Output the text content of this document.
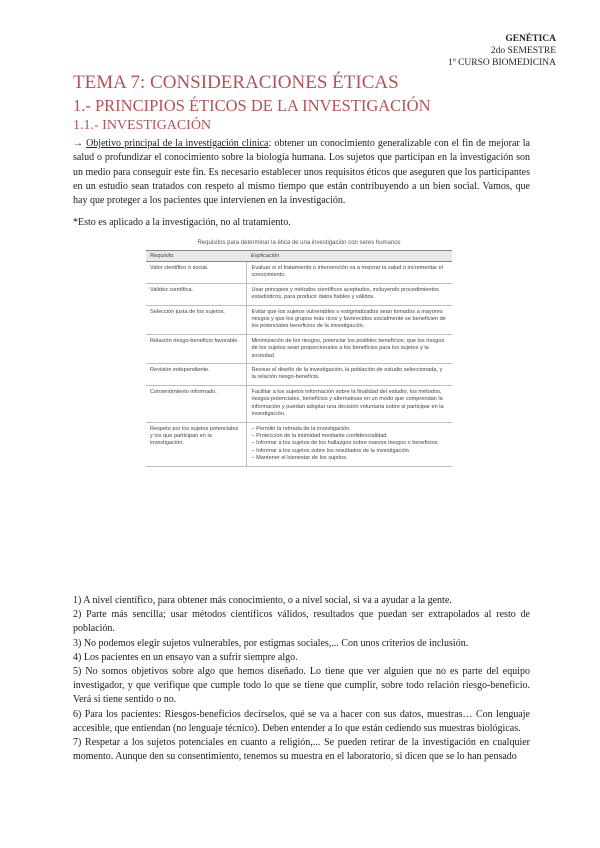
GENÉTICA
2do SEMESTRE
1º CURSO BIOMEDICINA
TEMA 7: CONSIDERACIONES ÉTICAS
1.- PRINCIPIOS ÉTICOS DE LA INVESTIGACIÓN
1.1.- INVESTIGACIÓN
→ Objetivo principal de la investigación clínica: obtener un conocimiento generalizable con el fin de mejorar la salud o profundizar el conocimiento sobre la biología humana. Los sujetos que participan en la investigación son un medio para conseguir este fin. Es necesario establecer unos requisitos éticos que aseguren que los participantes en un estudio sean tratados con respeto al mismo tiempo que están contribuyendo a un bien social. Vamos, que hay que proteger a los pacientes que intervienen en la investigación.
*Esto es aplicado a la investigación, no al tratamiento.
Requisitos para determinar la ética de una investigación con seres humanos
Requisito	Explicación
Valor científico o social.	Evaluar si el tratamiento o intervención va a mejorar la salud o incrementar el conocimiento.
Validez científica.	Usar principios y métodos científicos aceptados, incluyendo procedimientos estadísticos, para producir datos fiables y válidos.
Selección justa de los sujetos.	Evitar que los sujetos vulnerables o estigmatizados sean tomados a mayores riesgos y que los grupos más ricos y favorecidos socialmente se beneficien de los potenciales beneficios de la investigación.
Relación riesgo-beneficio favorable.	Minimización de los riesgos, potenciar los posibles beneficios; que los riesgos de los sujetos sean proporcionales a los beneficios para los sujetos y la sociedad.
Revisión independiente.	Revisar el diseño de la investigación, la población de estudio seleccionada, y la relación riesgo-beneficio.
Consentimiento informado.	Facilitar a los sujetos información sobre la finalidad del estudio, los métodos, riesgos potenciales, beneficios y alternativas en un modo que comprendan la información y puedan adoptar una decisión voluntaria sobre si participar en la investigación.
Respeto por los sujetos potenciales y los que participan en la investigación.	– Permitir la retirada de la investigación.
– Protección de la intimidad mediante confidencialidad.
– Informar a los sujetos de los hallazgos sobre nuevos riesgos o beneficios.
– Informar a los sujetos sobre los resultados de la investigación.
– Mantener el bienestar de los sujetos.

1) A nivel científico, para obtener más conocimiento, o a nivel social, si va a ayudar a la gente.

2) Parte más sencilla; usar métodos científicos válidos, resultados que puedan ser extrapolados al resto de población.

3) No podemos elegir sujetos vulnerables, por estigmas sociales,... Con unos criterios de inclusión.

4) Los pacientes en un ensayo van a sufrir siempre algo.

5) No somos objetivos sobre algo que hemos diseñado. Lo tiene que ver alguien que no es parte del equipo investigador, y que verifique que cumple todo lo que se tiene que cumplir, sobre todo relación riesgo-beneficio. Verá si tiene sentido o no.

6) Para los pacientes: Riesgos-beneficios decírselos, qué se va a hacer con sus datos, muestras… Con lenguaje accesible, que entiendan (no lenguaje técnico). Deben entender a lo que están cediendo sus muestras biológicas.

7) Respetar a los sujetos potenciales en cuanto a religión,... Se pueden retirar de la investigación en cualquier momento. Aunque den su consentimiento, tenemos su muestra en el laboratorio, si dicen que se lo han pensado
